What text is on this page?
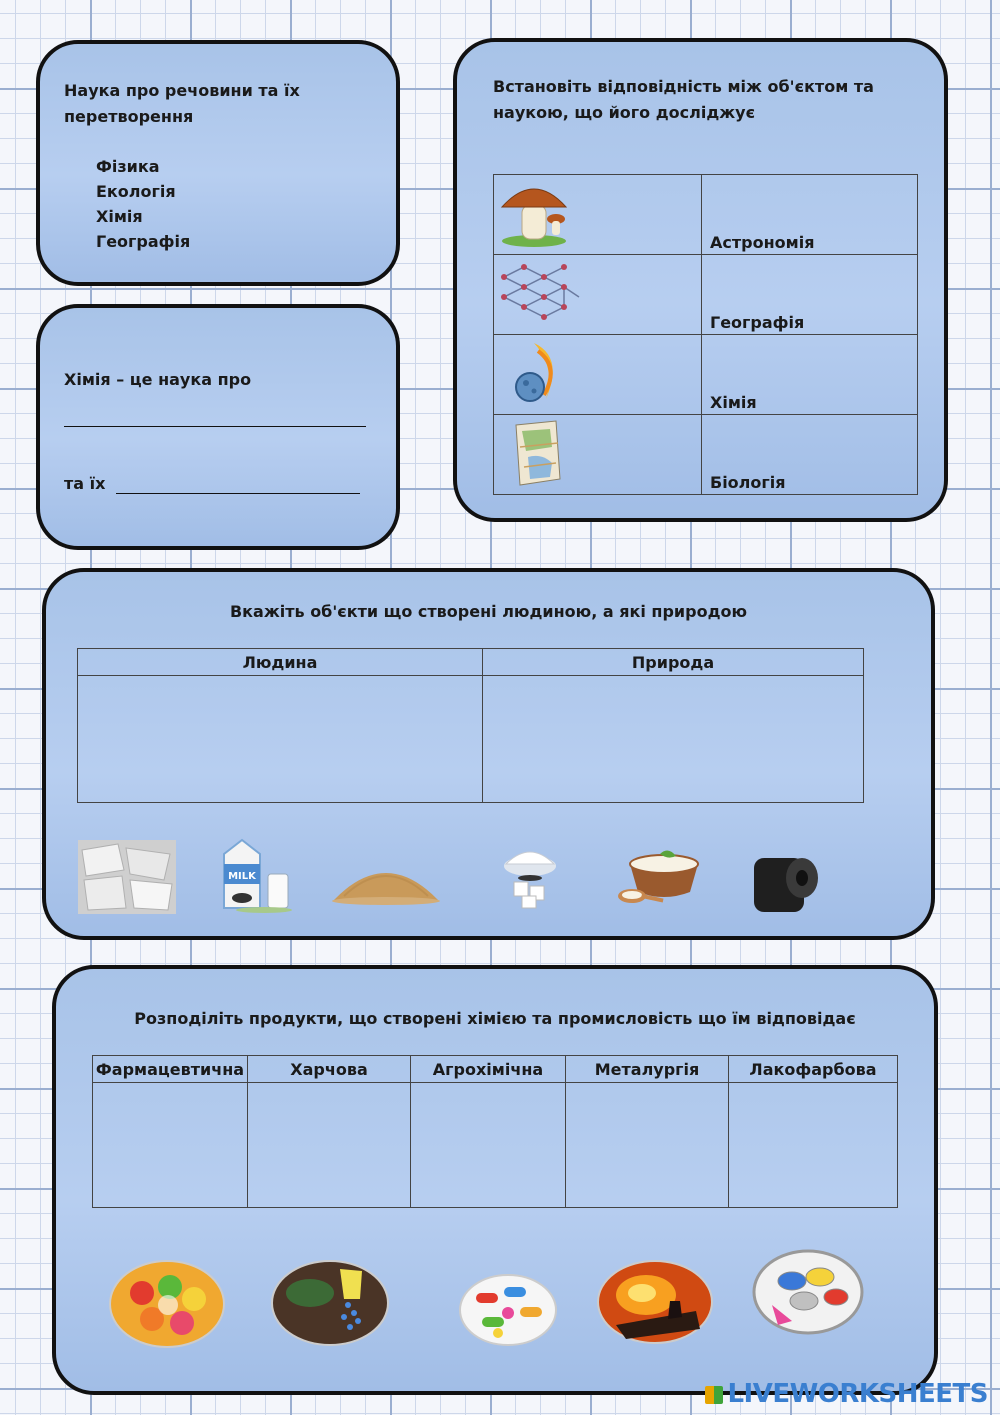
Наука про речовини та їх перетворення
Фізика
Екологія
Хімія
Географія
Хімія – це наука про
та їх
Встановіть відповідність між об'єктом та наукою, що його досліджує
	Астрономія
	Географія
	Хімія
	Біологія
Вкажіть об'єкти що створені людиною, а які природою
Людина	Природа

MILK
Розподіліть продукти, що створені хімією та промисловість що їм відповідає
Фармацевтична	Харчова	Агрохімічна	Металургія	Лакофарбова

LIVEWORKSHEETS
